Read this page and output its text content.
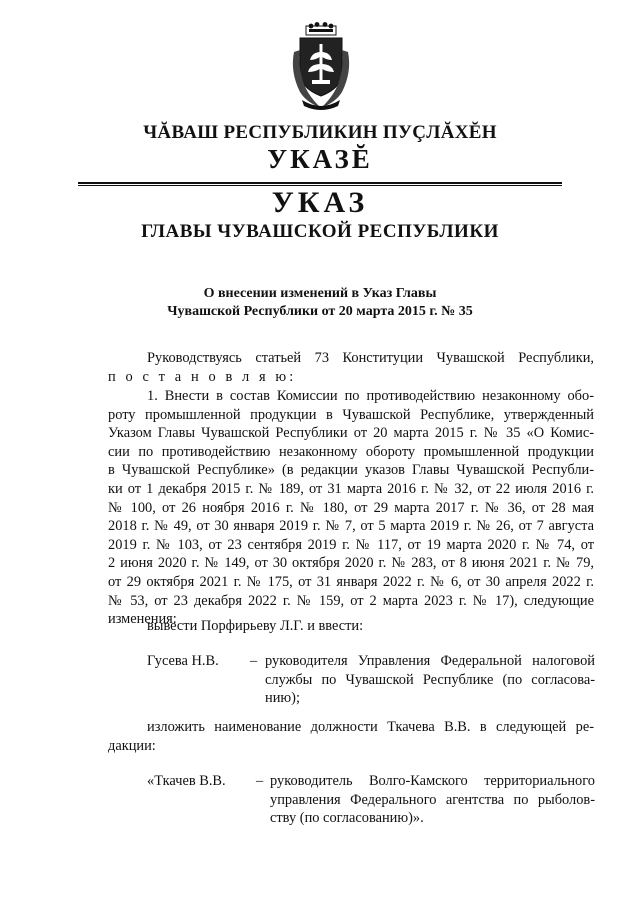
ЧĂВАШ РЕСПУБЛИКИН ПУÇЛĂХĔН
УКАЗĔ
УКАЗ
ГЛАВЫ ЧУВАШСКОЙ РЕСПУБЛИКИ
О внесении изменений в Указ Главы
Чувашской Республики от 20 марта 2015 г. № 35

Руководствуясь статьей 73 Конституции Чувашской Республики,

п о с т а н о в л я ю:

1. Внести в состав Комиссии по противодействию незаконному обо-

роту промышленной продукции в Чувашской Республике, утвержденный

Указом Главы Чувашской Республики от 20 марта 2015 г. № 35 «О Комис-

сии по противодействию незаконному обороту промышленной продукции

в Чувашской Республике» (в редакции указов Главы Чувашской Республи-

ки от 1 декабря 2015 г. № 189, от 31 марта 2016 г. № 32, от 22 июля 2016 г.

№ 100, от 26 ноября 2016 г. № 180, от 29 марта 2017 г. № 36, от 28 мая

2018 г. № 49, от 30 января 2019 г. № 7, от 5 марта 2019 г. № 26, от 7 августа

2019 г. № 103, от 23 сентября 2019 г. № 117, от 19 марта 2020 г. № 74, от

2 июня 2020 г. № 149, от 30 октября 2020 г. № 283, от 8 июня 2021 г. № 79,

от 29 октября 2021 г. № 175, от 31 января 2022 г. № 6, от 30 апреля 2022 г.

№ 53, от 23 декабря 2022 г. № 159, от 2 марта 2023 г. № 17), следующие

изменения:

вывести Порфирьеву Л.Г. и ввести:

Гусева Н.В. – руководителя Управления Федеральной налоговой
службы по Чувашской Республике (по согласова-
нию);

изложить наименование должности Ткачева В.В. в следующей ре-

дакции:

«Ткачев В.В. – руководитель Волго-Камского территориального
управления Федерального агентства по рыболов-
ству (по согласованию)».
